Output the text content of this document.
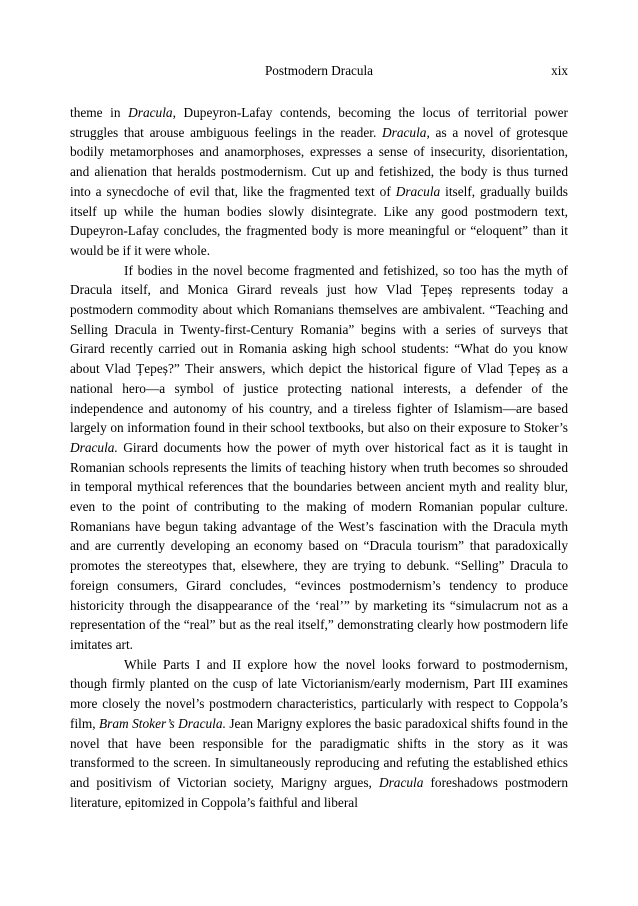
Postmodern Dracula	xix

theme in Dracula, Dupeyron-Lafay contends, becoming the locus of territorial power struggles that arouse ambiguous feelings in the reader. Dracula, as a novel of grotesque bodily metamorphoses and anamorphoses, expresses a sense of insecurity, disorientation, and alienation that heralds postmodernism. Cut up and fetishized, the body is thus turned into a synecdoche of evil that, like the fragmented text of Dracula itself, gradually builds itself up while the human bodies slowly disintegrate. Like any good postmodern text, Dupeyron-Lafay concludes, the fragmented body is more meaningful or “eloquent” than it would be if it were whole.

If bodies in the novel become fragmented and fetishized, so too has the myth of Dracula itself, and Monica Girard reveals just how Vlad Țepeș represents today a postmodern commodity about which Romanians themselves are ambivalent. “Teaching and Selling Dracula in Twenty-first-Century Romania” begins with a series of surveys that Girard recently carried out in Romania asking high school students: “What do you know about Vlad Țepeș?” Their answers, which depict the historical figure of Vlad Țepeș as a national hero—a symbol of justice protecting national interests, a defender of the independence and autonomy of his country, and a tireless fighter of Islamism—are based largely on information found in their school textbooks, but also on their exposure to Stoker’s Dracula. Girard documents how the power of myth over historical fact as it is taught in Romanian schools represents the limits of teaching history when truth becomes so shrouded in temporal mythical references that the boundaries between ancient myth and reality blur, even to the point of contributing to the making of modern Romanian popular culture. Romanians have begun taking advantage of the West’s fascination with the Dracula myth and are currently developing an economy based on “Dracula tourism” that paradoxically promotes the stereotypes that, elsewhere, they are trying to debunk. “Selling” Dracula to foreign consumers, Girard concludes, “evinces postmodernism’s tendency to produce historicity through the disappearance of the ‘real’” by marketing its “simulacrum not as a representation of the “real” but as the real itself,” demonstrating clearly how postmodern life imitates art.

While Parts I and II explore how the novel looks forward to postmodernism, though firmly planted on the cusp of late Victorianism/early modernism, Part III examines more closely the novel’s postmodern characteristics, particularly with respect to Coppola’s film, Bram Stoker’s Dracula. Jean Marigny explores the basic paradoxical shifts found in the novel that have been responsible for the paradigmatic shifts in the story as it was transformed to the screen. In simultaneously reproducing and refuting the established ethics and positivism of Victorian society, Marigny argues, Dracula foreshadows postmodern literature, epitomized in Coppola’s faithful and liberal
